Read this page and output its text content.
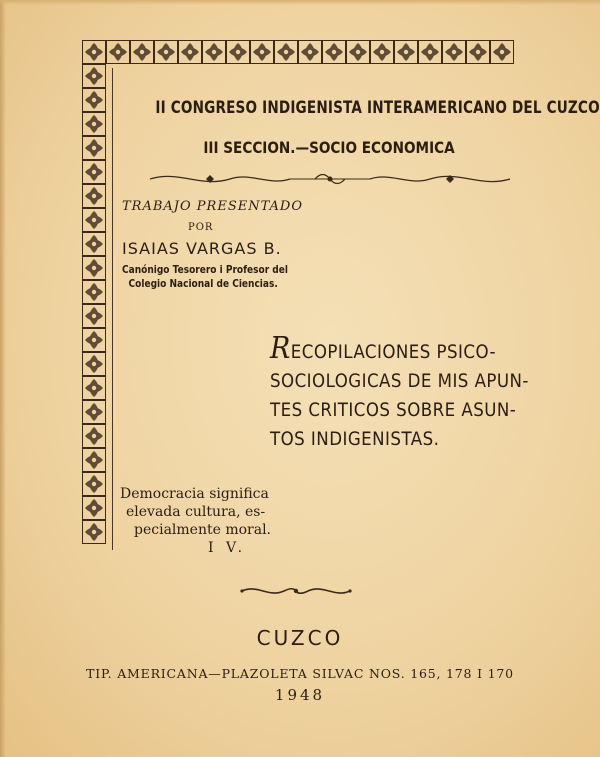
II CONGRESO INDIGENISTA INTERAMERICANO DEL CUZCO
III SECCION.—SOCIO ECONOMICA
TRABAJO PRESENTADO
POR
ISAIAS VARGAS B.
Canónigo Tesorero i Profesor del
Colegio Nacional de Ciencias.
RECOPILACIONES PSICO-
SOCIOLOGICAS DE MIS APUN-
TES CRITICOS SOBRE ASUN-
TOS INDIGENISTAS.
Democracia significa
elevada cultura, es-
pecialmente moral.
I V.
CUZCO
TIP. AMERICANA—PLAZOLETA SILVAC NOS. 165, 178 I 170
1948
